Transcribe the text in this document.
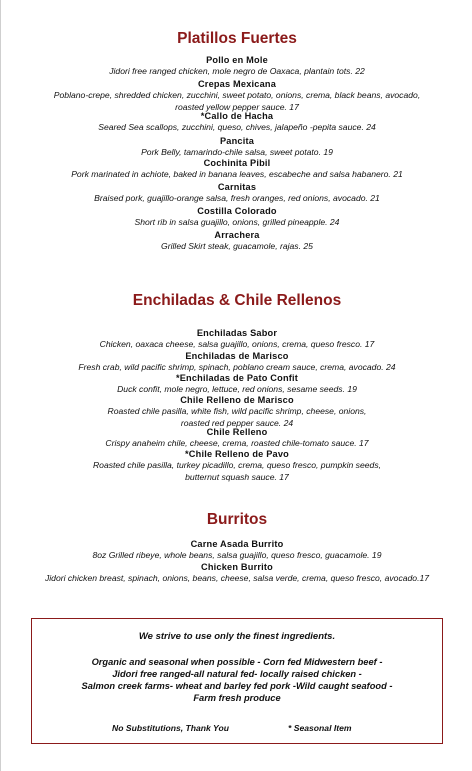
Platillos Fuertes
Pollo en Mole
Jidori free ranged chicken, mole negro de Oaxaca, plantain tots. 22
Crepas Mexicana
Poblano-crepe, shredded chicken, zucchini, sweet potato, onions, crema, black beans, avocado,
roasted yellow pepper sauce. 17
*Callo de Hacha
Seared Sea scallops, zucchini, queso, chives, jalapeño -pepita sauce. 24
Pancita
Pork Belly, tamarindo-chile salsa, sweet potato. 19
Cochinita Pibil
Pork marinated in achiote, baked in banana leaves, escabeche and salsa habanero. 21
Carnitas
Braised pork, guajillo-orange salsa, fresh oranges, red onions, avocado. 21
Costilla Colorado
Short rib in salsa guajillo, onions, grilled pineapple. 24
Arrachera
Grilled Skirt steak, guacamole, rajas. 25
Enchiladas & Chile Rellenos
Enchiladas Sabor
Chicken, oaxaca cheese, salsa guajillo, onions, crema, queso fresco. 17
Enchiladas de Marisco
Fresh crab, wild pacific shrimp, spinach, poblano cream sauce, crema, avocado. 24
*Enchiladas de Pato Confit
Duck confit, mole negro, lettuce, red onions, sesame seeds. 19
Chile Relleno de Marisco
Roasted chile pasilla, white fish, wild pacific shrimp, cheese, onions,
roasted red pepper sauce. 24
Chile Relleno
Crispy anaheim chile, cheese, crema, roasted chile-tomato sauce. 17
*Chile Relleno de Pavo
Roasted chile pasilla, turkey picadillo, crema, queso fresco, pumpkin seeds,
butternut squash sauce. 17
Burritos
Carne Asada Burrito
8oz Grilled ribeye, whole beans, salsa guajillo, queso fresco, guacamole. 19
Chicken Burrito
Jidori chicken breast, spinach, onions, beans, cheese, salsa verde, crema, queso fresco, avocado.17
We strive to use only the finest ingredients.
Organic and seasonal when possible - Corn fed Midwestern beef -
Jidori free ranged-all natural fed- locally raised chicken -
Salmon creek farms- wheat and barley fed pork -Wild caught seafood -
Farm fresh produce
No Substitutions, Thank You	* Seasonal Item
